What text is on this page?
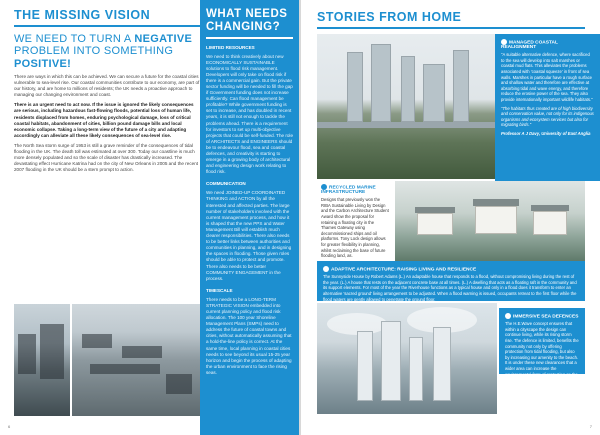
THE MISSING VISION
WE NEED TO TURN A NEGATIVE PROBLEM INTO SOMETHING POSITIVE!

There are ways in which this can be achieved. We can secure a future for the coastal cities vulnerable to sea-level rise. Our coastal communities contribute to our economy, are part of our history, and are home to millions of residents; the UK needs a proactive approach to managing our changing environment and coast.

There is an urgent need to act now. If the issue is ignored the likely consequences are serious, including hazardous fast-flowing floods, potential loss of human life, residents displaced from homes, enduring psychological damage, loss of critical coastal habitats, abandonment of cities, billion pound damage bills and local economic collapse. Taking a long-term view of the future of a city and adapting accordingly can alleviate all these likely consequences of sea-level rise.

The North Sea storm surge of 1953 is still a grave reminder of the consequences of tidal flooding in the UK. The death toll was estimated at over 300. Today our coastline is much more densely populated and so the scale of disaster has drastically increased. The devastating effect Hurricane Katrina had on the city of New Orleans in 2005 and the recent 2007 flooding in the UK should be a stern prompt to action.

WHAT NEEDS CHANGING?
LIMITED RESOURCES

We need to think creatively about new ECONOMICALLY SUSTAINABLE solutions to flood risk management. Developers will only take on flood risk if there is a commercial gain. But the private sector funding will be needed to fill the gap if Government funding does not increase sufficiently. Can flood management be profitable? While government funding is set to increase, and has doubled in recent years, it is still not enough to tackle the problems ahead. There is a requirement for investors to set up multi-objective projects that could be self-funded. The role of ARCHITECTS and ENGINEERS should be to endeavour flood, sea and coastal defences, and creativity is starting to emerge in a growing body of architectural and engineering design work relating to flood risk.

COMMUNICATION

We need JOINED-UP COORDINATED THINKING and ACTION by all the interested and affected parties. The large number of stakeholders involved with the current management process, and how it is shaped that the new PPS and Water Management Bill will establish much clearer responsibilities. There also needs to be better links between authorities and communities in planning, and in designing the spaces in flooding. Those given roles should be able to protect and promote. There also needs to be better COMMUNITY ENGAGEMENT in the process.

TIMESCALE

There needs to be a LONG-TERM STRATEGIC VISION embedded into current planning policy and flood risk allocation. The 100 year Shoreline Management Plans (SMPs) need to address the future of coastal towns and cities, without automatically assuming that a hold-the-line policy is correct. At the same time, local planning in coastal cities needs to see beyond its usual 15-25 year horizon and begin the process of adapting the urban environment to face the rising seas.

6
STORIES FROM HOME
MANAGED COASTAL REALIGNMENT

"A suitable alternative defence, where sacrificed to the sea will develop into salt marshes or coastal mud flats. This alleviates the problems associated with 'coastal squeeze' in front of sea walls. Marshes in particular have a rough surface and shallow water and therefore are effective at absorbing tidal and wave energy, and therefore reduce the erosive power of the sea. They also provide internationally important wildlife habitats."

"The habitats thus created are of high biodiversity and conservation value, not only for its indigenous organisms and ecosystem services but also for migrating birds."

Professor A J Davy, University of East Anglia

RECYCLED MARINE INFRASTRUCTURE

Designs that previously won the RIBA Sustainable Living by Design and the Carbon Architecture Student Award show the proposal for retaining a floating city in the Thames Gateway using decommissioned ships and oil platforms. Tony Lock design allows for greater flexibility in planning, whilst reclaiming the base of future flooding land, as.

ADAPTIVE ARCHITECTURE: RAISING LIVING AND RESILIENCE

The Sunnyside House by Robert Adams (L.) An adaptable house that responds to a flood, without compromising living during the rest of the year. (L.) A house that rests on the adjacent concrete base at all times. (L.) A dwelling that acts as a floating raft in the community and its support elements. For most of the year the Riverhouse functions as a typical house and only in a flood does it transform to enter an alternative 'sacred ground' living arrangement to be adjusted. When a flood warning is issued, occupants retreat to the first floor while the flood waters are gently allowed to penetrate the ground floor.

IMMERSIVE SEA DEFENCES

The H.E.Wave concept ensures that within a cityscape the design can continue living, while its rising storm rise. The defence is limited, benefits the community not only by offering protection from tidal flooding, but also by increasing our amenity to the beach. It is under these new clearances that a wider area can increase the environmental form of protecting on the sea.

7
